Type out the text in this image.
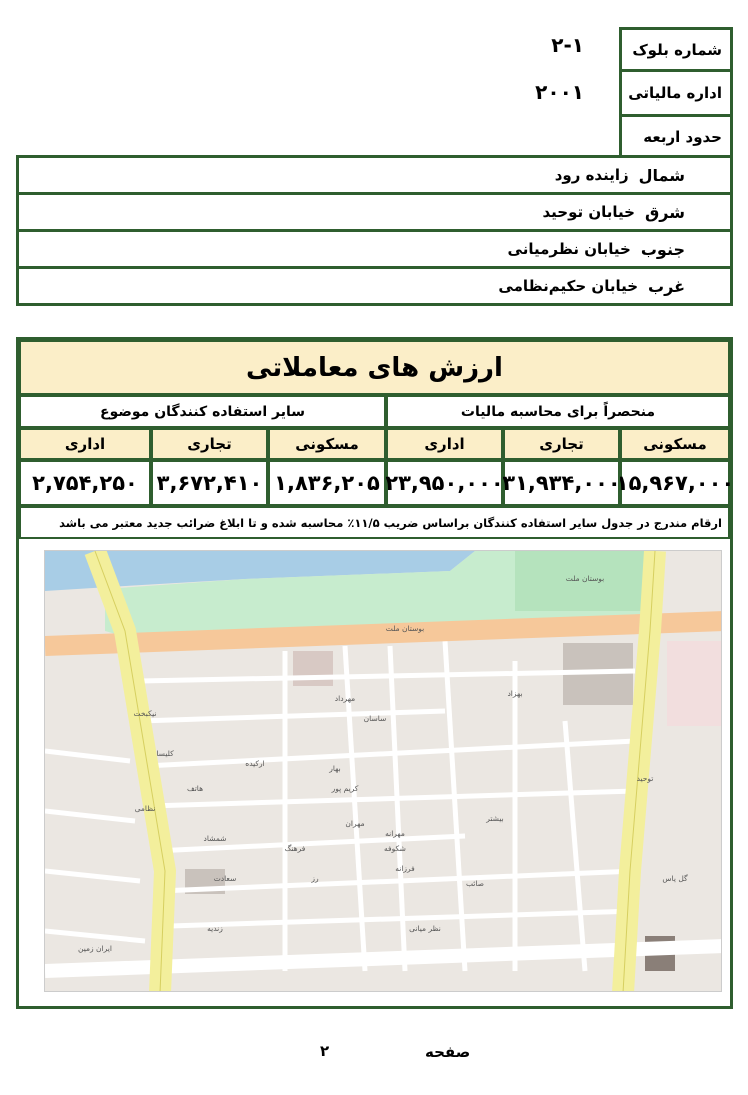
شماره بلوک
اداره مالیاتی
حدود اربعه
۲-۱
۲۰۰۱
شمال
زاینده رود
شرق
خیابان توحید
جنوب
خیابان نظرمیانی
غرب
خیابان حکیم‌نظامی
ارزش های معاملاتی
منحصراً برای محاسبه مالیات
سایر استفاده کنندگان موضوع
مسکونی
تجاری
اداری
مسکونی
تجاری
اداری
۱۵,۹۶۷,۰۰۰
۳۱,۹۳۴,۰۰۰
۲۳,۹۵۰,۰۰۰
۱,۸۳۶,۲۰۵
۳,۶۷۲,۴۱۰
۲,۷۵۴,۲۵۰
ارقام مندرج در جدول سایر استفاده کنندگان براساس ضریب ۱۱/۵٪ محاسبه شده و تا ابلاغ ضرائب جدید معتبر می باشد
بوستان ملت
بوستان ملت
مهرداد
بهزاد
ساسان
نیکبخت
کلیسا
بهار
مهران
مهرانه
فرزانه
کریم پور
نظامی
توحید
بیشتر
گل یاس
شمشاد
سعادت
شکوفه
ارکیده
فرهنگ
صائب
هاتف
رز
نظر میانی
ایران زمین
زندیه
صفحه
۲
